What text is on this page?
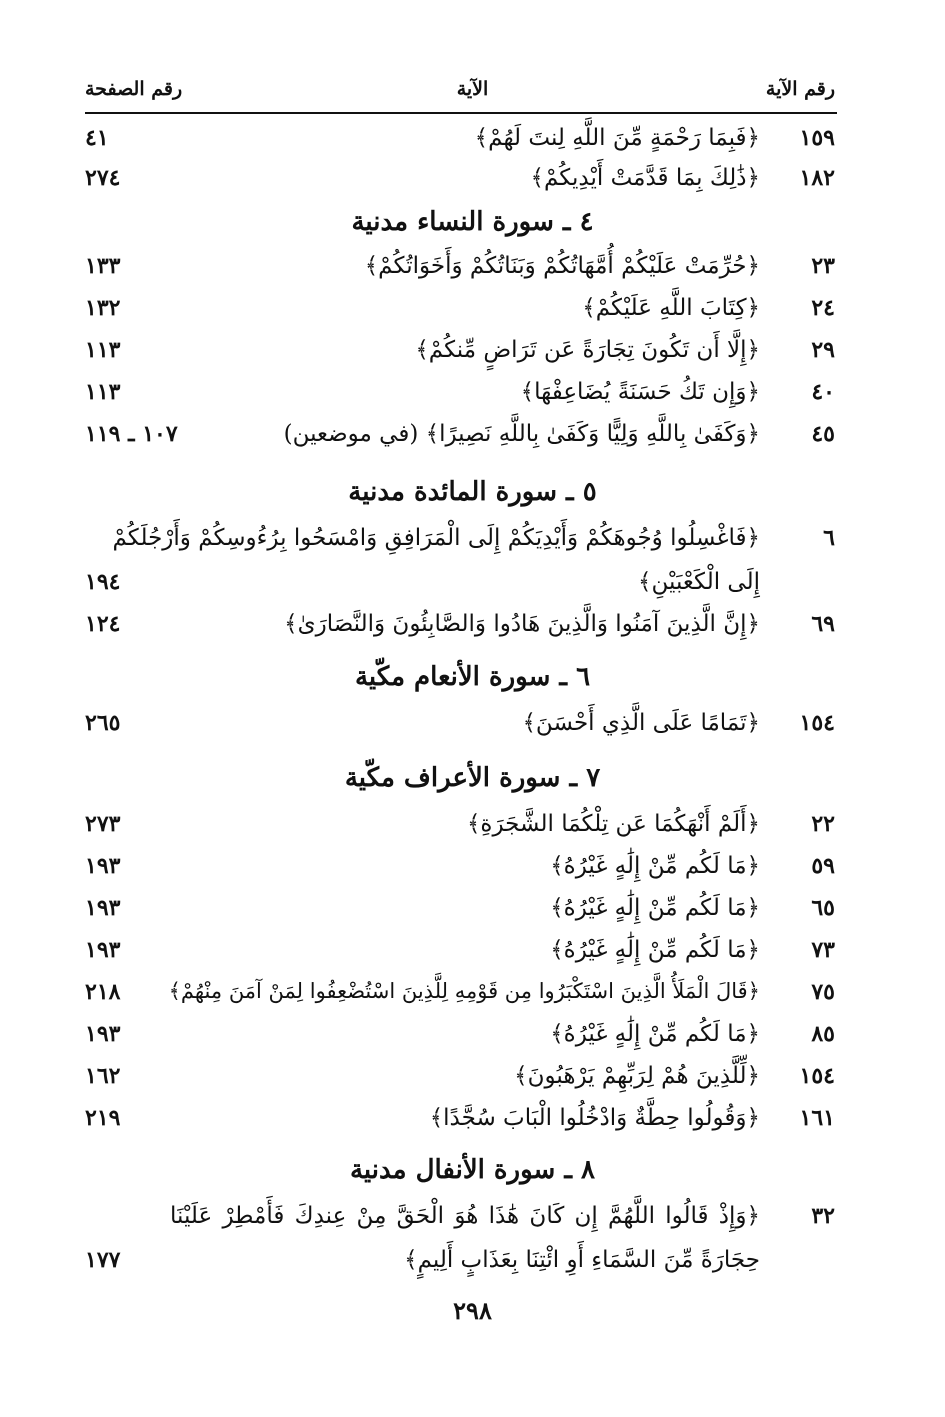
رقم الآية
الآية
رقم الصفحة
١٥٩
﴿فَبِمَا رَحْمَةٍ مِّنَ اللَّهِ لِنتَ لَهُمْ﴾
٤١
١٨٢
﴿ذَٰلِكَ بِمَا قَدَّمَتْ أَيْدِيكُمْ﴾
٢٧٤
٤ ـ سورة النساء مدنية
٢٣
﴿حُرِّمَتْ عَلَيْكُمْ أُمَّهَاتُكُمْ وَبَنَاتُكُمْ وَأَخَوَاتُكُمْ﴾
١٣٣
٢٤
﴿كِتَابَ اللَّهِ عَلَيْكُمْ﴾
١٣٢
٢٩
﴿إِلَّا أَن تَكُونَ تِجَارَةً عَن تَرَاضٍ مِّنكُمْ﴾
١١٣
٤٠
﴿وَإِن تَكُ حَسَنَةً يُضَاعِفْهَا﴾
١١٣
٤٥
﴿وَكَفَىٰ بِاللَّهِ وَلِيًّا وَكَفَىٰ بِاللَّهِ نَصِيرًا﴾ (في موضعين)
١٠٧ ـ ١١٩
٥ ـ سورة المائدة مدنية
٦
﴿فَاغْسِلُوا وُجُوهَكُمْ وَأَيْدِيَكُمْ إِلَى الْمَرَافِقِ وَامْسَحُوا بِرُءُوسِكُمْ وَأَرْجُلَكُمْ
إِلَى الْكَعْبَيْنِ﴾
١٩٤
٦٩
﴿إِنَّ الَّذِينَ آمَنُوا وَالَّذِينَ هَادُوا وَالصَّابِئُونَ وَالنَّصَارَىٰ﴾
١٢٤
٦ ـ سورة الأنعام مكّية
١٥٤
﴿تَمَامًا عَلَى الَّذِي أَحْسَنَ﴾
٢٦٥
٧ ـ سورة الأعراف مكّية
٢٢
﴿أَلَمْ أَنْهَكُمَا عَن تِلْكُمَا الشَّجَرَةِ﴾
٢٧٣
٥٩
﴿مَا لَكُم مِّنْ إِلَٰهٍ غَيْرُهُ﴾
١٩٣
٦٥
﴿مَا لَكُم مِّنْ إِلَٰهٍ غَيْرُهُ﴾
١٩٣
٧٣
﴿مَا لَكُم مِّنْ إِلَٰهٍ غَيْرُهُ﴾
١٩٣
٧٥
﴿قَالَ الْمَلَأُ الَّذِينَ اسْتَكْبَرُوا مِن قَوْمِهِ لِلَّذِينَ اسْتُضْعِفُوا لِمَنْ آمَنَ مِنْهُمْ﴾
٢١٨
٨٥
﴿مَا لَكُم مِّنْ إِلَٰهٍ غَيْرُهُ﴾
١٩٣
١٥٤
﴿لِّلَّذِينَ هُمْ لِرَبِّهِمْ يَرْهَبُونَ﴾
١٦٢
١٦١
﴿وَقُولُوا حِطَّةٌ وَادْخُلُوا الْبَابَ سُجَّدًا﴾
٢١٩
٨ ـ سورة الأنفال مدنية
٣٢
﴿وَإِذْ قَالُوا اللَّهُمَّ إِن كَانَ هَٰذَا هُوَ الْحَقَّ مِنْ عِندِكَ فَأَمْطِرْ عَلَيْنَا
حِجَارَةً مِّنَ السَّمَاءِ أَوِ ائْتِنَا بِعَذَابٍ أَلِيمٍ﴾
١٧٧
٢٩٨
